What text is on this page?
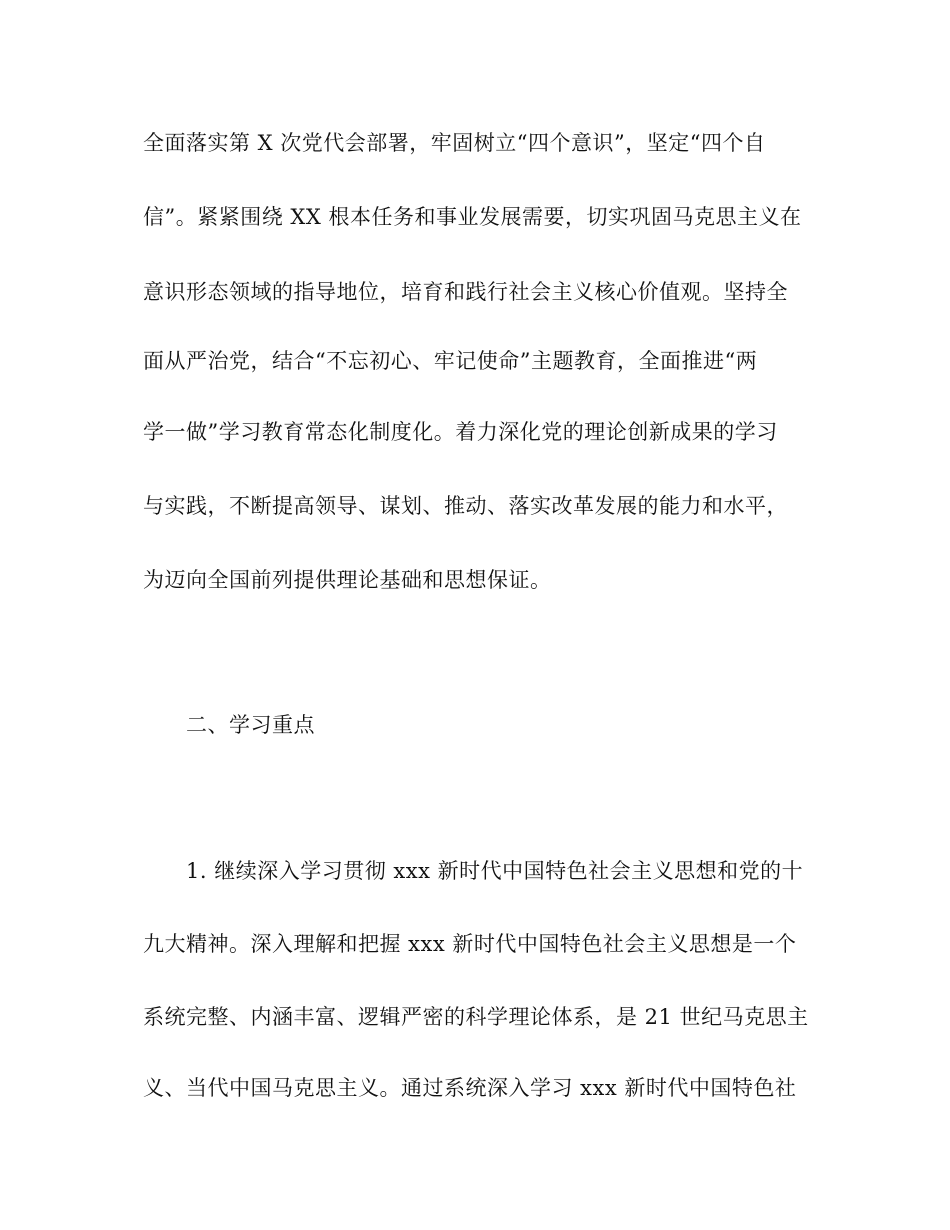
全面落实第 X 次党代会部署，牢固树立“四个意识”，坚定“四个自
信”。紧紧围绕 XX 根本任务和事业发展需要，切实巩固马克思主义在
意识形态领域的指导地位，培育和践行社会主义核心价值观。坚持全
面从严治党，结合“不忘初心、牢记使命”主题教育，全面推进“两
学一做”学习教育常态化制度化。着力深化党的理论创新成果的学习
与实践，不断提高领导、谋划、推动、落实改革发展的能力和水平，
为迈向全国前列提供理论基础和思想保证。
二、学习重点
1. 继续深入学习贯彻 xxx 新时代中国特色社会主义思想和党的十
九大精神。深入理解和把握 xxx 新时代中国特色社会主义思想是一个
系统完整、内涵丰富、逻辑严密的科学理论体系，是 21 世纪马克思主
义、当代中国马克思主义。通过系统深入学习 xxx 新时代中国特色社
